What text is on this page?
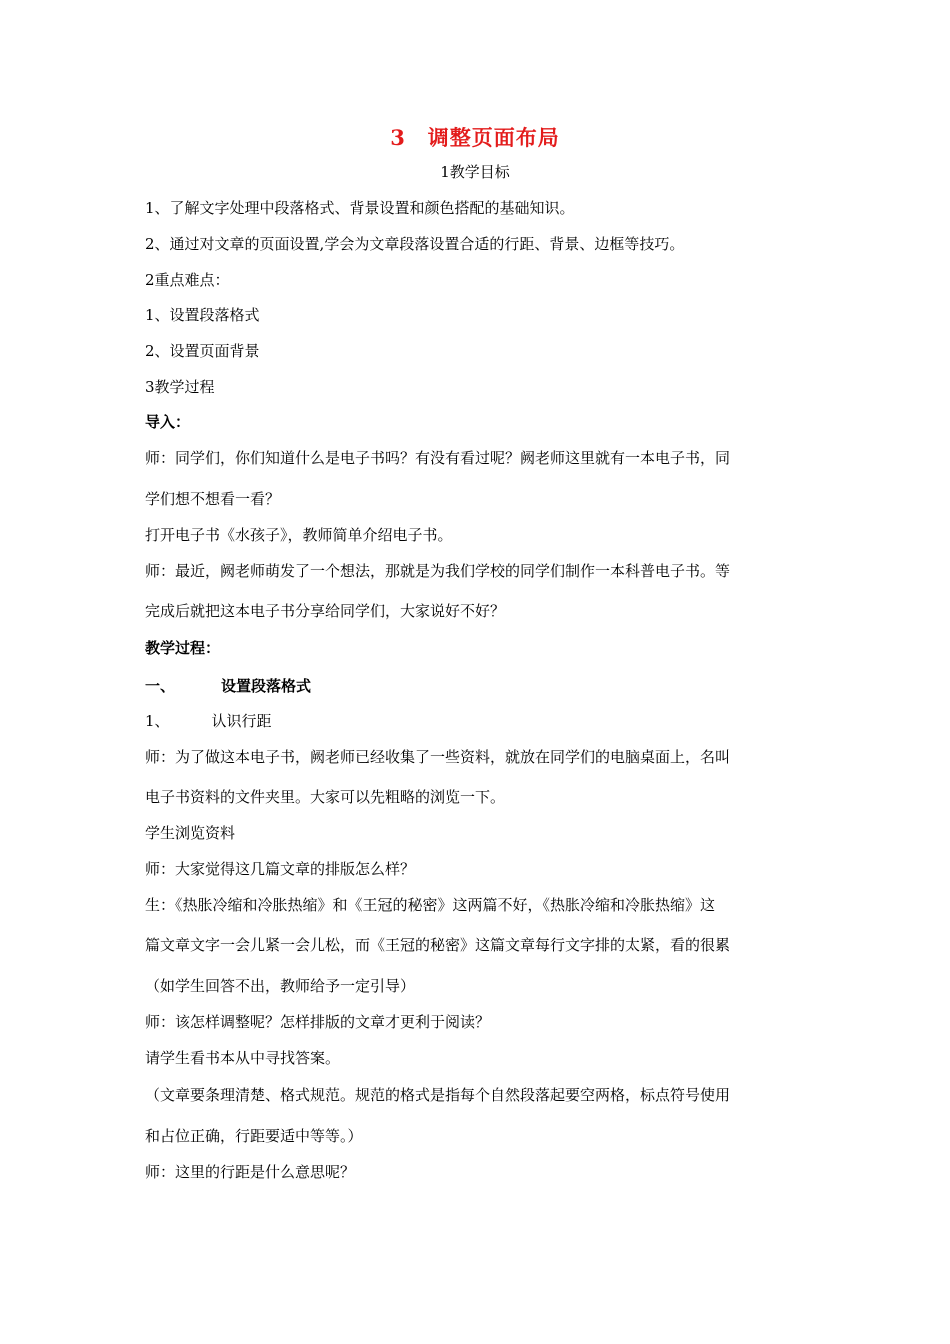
3　调整页面布局
1教学目标
1、了解文字处理中段落格式、背景设置和颜色搭配的基础知识。
2、通过对文章的页面设置,学会为文章段落设置合适的行距、背景、边框等技巧。
2重点难点：
1、设置段落格式
2、设置页面背景
3教学过程
导入：
师：同学们，你们知道什么是电子书吗？有没有看过呢？阙老师这里就有一本电子书，同
学们想不想看一看？
打开电子书《水孩子》，教师简单介绍电子书。
师：最近，阙老师萌发了一个想法，那就是为我们学校的同学们制作一本科普电子书。等
完成后就把这本电子书分享给同学们，大家说好不好？
教学过程：
一、	设置段落格式
1、	认识行距
师：为了做这本电子书，阙老师已经收集了一些资料，就放在同学们的电脑桌面上，名叫
电子书资料的文件夹里。大家可以先粗略的浏览一下。
学生浏览资料
师：大家觉得这几篇文章的排版怎么样？
生：《热胀冷缩和冷胀热缩》和《王冠的秘密》这两篇不好，《热胀冷缩和冷胀热缩》这
篇文章文字一会儿紧一会儿松，而《王冠的秘密》这篇文章每行文字排的太紧，看的很累
（如学生回答不出，教师给予一定引导）
师：该怎样调整呢？怎样排版的文章才更利于阅读？
请学生看书本从中寻找答案。
（文章要条理清楚、格式规范。规范的格式是指每个自然段落起要空两格，标点符号使用
和占位正确，行距要适中等等。）
师：这里的行距是什么意思呢？
